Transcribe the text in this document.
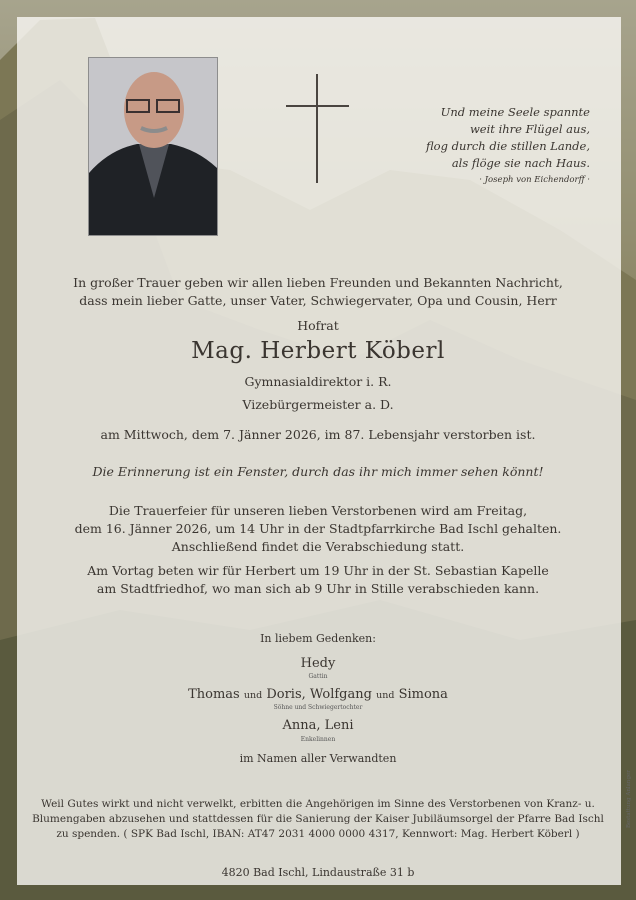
Und meine Seele spannte
weit ihre Flügel aus,
flog durch die stillen Lande,
als flöge sie nach Haus.
· Joseph von Eichendorff ·
In großer Trauer geben wir allen lieben Freunden und Bekannten Nachricht,
dass mein lieber Gatte, unser Vater, Schwiegervater, Opa und Cousin, Herr
Hofrat
Mag. Herbert Köberl
Gymnasialdirektor i. R.
Vizebürgermeister a. D.
am Mittwoch, dem 7. Jänner 2026, im 87. Lebensjahr verstorben ist.
Die Erinnerung ist ein Fenster, durch das ihr mich immer sehen könnt!
Die Trauerfeier für unseren lieben Verstorbenen wird am Freitag,
dem 16. Jänner 2026, um 14 Uhr in der Stadtpfarrkirche Bad Ischl gehalten.
Anschließend findet die Verabschiedung statt.
Am Vortag beten wir für Herbert um 19 Uhr in der St. Sebastian Kapelle
am Stadtfriedhof, wo man sich ab 9 Uhr in Stille verabschieden kann.
In liebem Gedenken:
Hedy
Gattin
Thomas und Doris, Wolfgang und Simona
Söhne und Schwiegertochter
Anna, Leni
Enkelinnen
im Namen aller Verwandten
Weil Gutes wirkt und nicht verwelkt, erbitten die Angehörigen im Sinne des Verstorbenen von Kranz- u.
Blumengaben abzusehen und stattdessen für die Sanierung der Kaiser Jubiläumsorgel der Pfarre Bad Ischl
zu spenden. ( SPK Bad Ischl, IBAN: AT47 2031 4000 0000 4317, Kennwort: Mag. Herbert Köberl )
4820 Bad Ischl, Lindaustraße 31 b
Bestattung Anlanger
